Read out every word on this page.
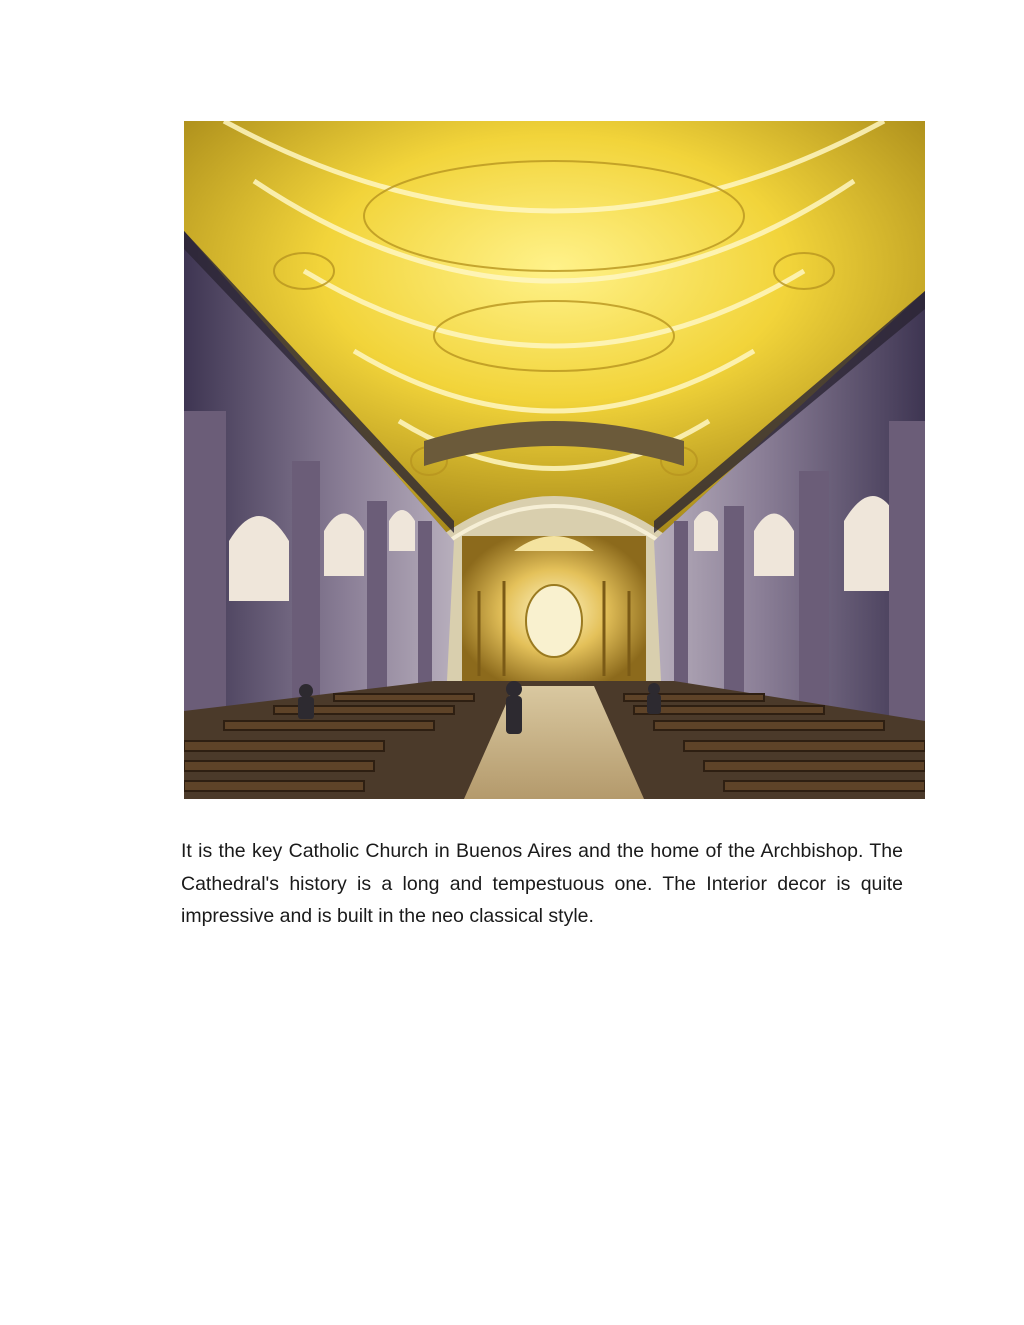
It is the key Catholic Church in Buenos Aires and the home of the Archbishop. The Cathedral's history is a long and tempestuous one. The Interior decor is quite impressive and is built in the neo classical style.
